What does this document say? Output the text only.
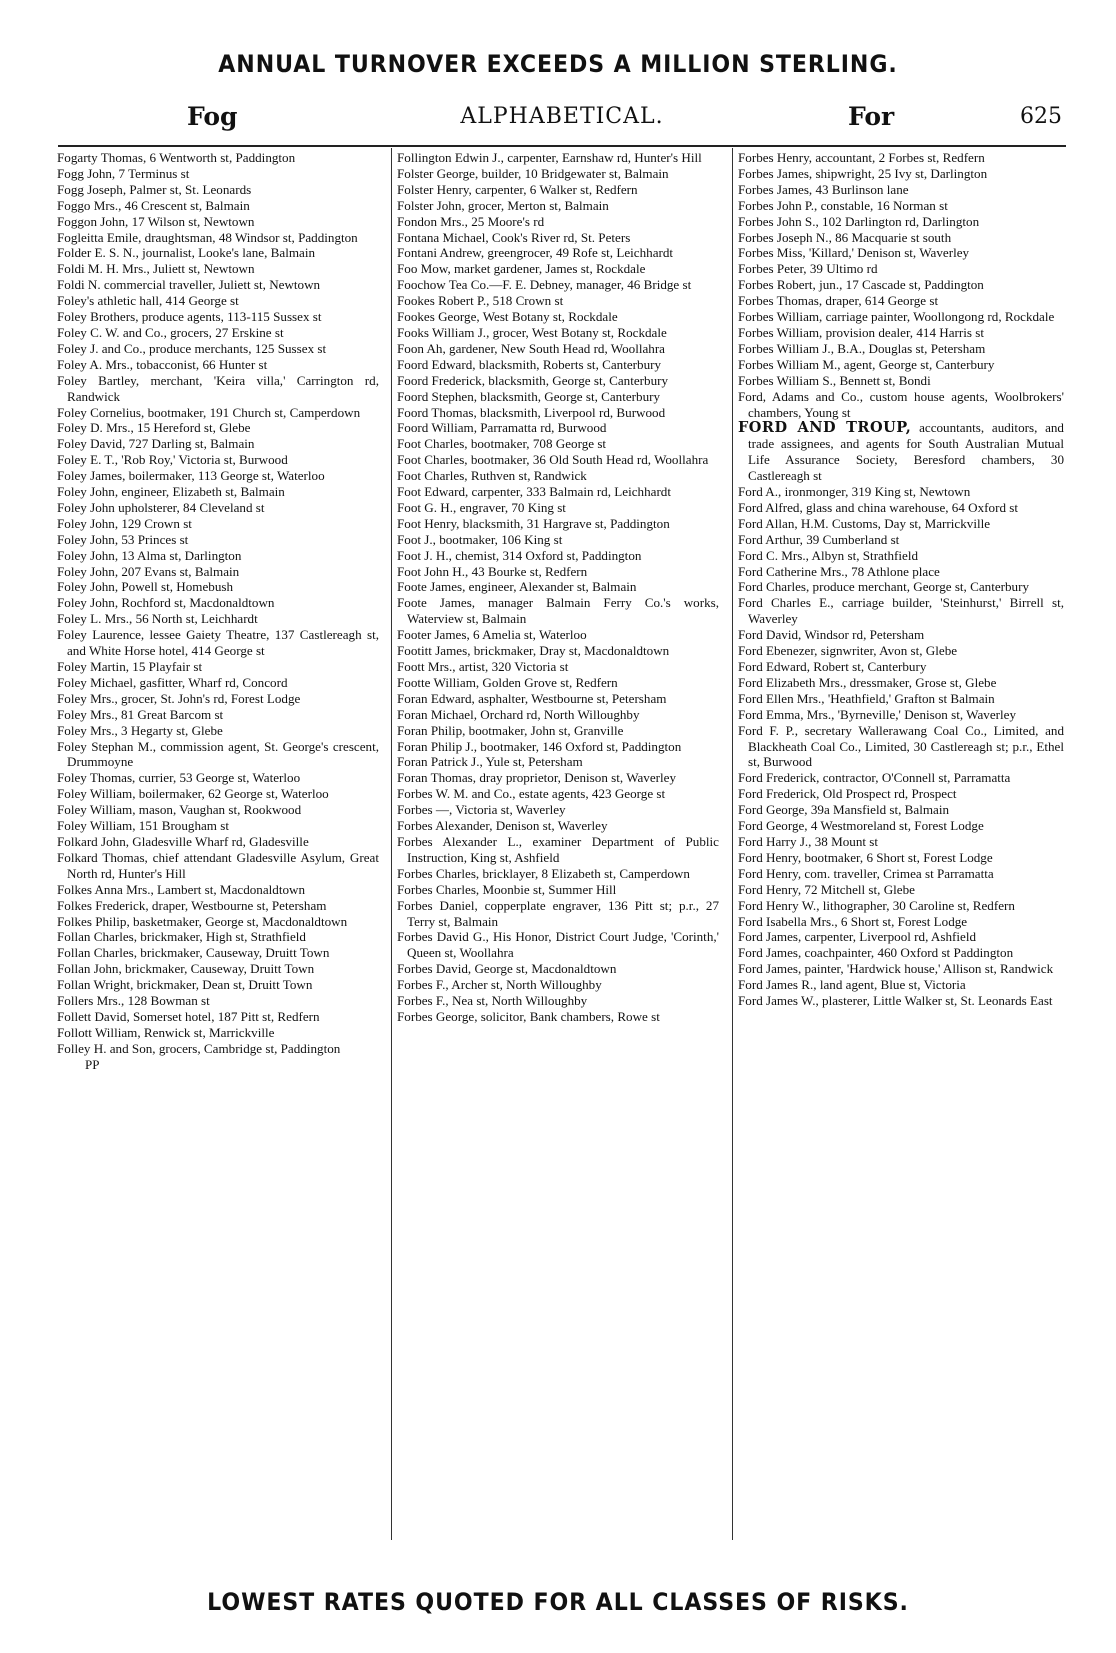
ANNUAL TURNOVER EXCEEDS A MILLION STERLING.
Fog	ALPHABETICAL.	For	625

Fogarty Thomas, 6 Wentworth st, Paddington

Fogg John, 7 Terminus st

Fogg Joseph, Palmer st, St. Leonards

Foggo Mrs., 46 Crescent st, Balmain

Foggon John, 17 Wilson st, Newtown

Fogleitta Emile, draughtsman, 48 Windsor st, Paddington

Folder E. S. N., journalist, Looke's lane, Balmain

Foldi M. H. Mrs., Juliett st, Newtown

Foldi N. commercial traveller, Juliett st, Newtown

Foley's athletic hall, 414 George st

Foley Brothers, produce agents, 113-115 Sussex st

Foley C. W. and Co., grocers, 27 Erskine st

Foley J. and Co., produce merchants, 125 Sussex st

Foley A. Mrs., tobacconist, 66 Hunter st

Foley Bartley, merchant, 'Keira villa,' Carrington rd, Randwick

Foley Cornelius, bootmaker, 191 Church st, Camperdown

Foley D. Mrs., 15 Hereford st, Glebe

Foley David, 727 Darling st, Balmain

Foley E. T., 'Rob Roy,' Victoria st, Burwood

Foley James, boilermaker, 113 George st, Waterloo

Foley John, engineer, Elizabeth st, Balmain

Foley John upholsterer, 84 Cleveland st

Foley John, 129 Crown st

Foley John, 53 Princes st

Foley John, 13 Alma st, Darlington

Foley John, 207 Evans st, Balmain

Foley John, Powell st, Homebush

Foley John, Rochford st, Macdonaldtown

Foley L. Mrs., 56 North st, Leichhardt

Foley Laurence, lessee Gaiety Theatre, 137 Castlereagh st, and White Horse hotel, 414 George st

Foley Martin, 15 Playfair st

Foley Michael, gasfitter, Wharf rd, Concord

Foley Mrs., grocer, St. John's rd, Forest Lodge

Foley Mrs., 81 Great Barcom st

Foley Mrs., 3 Hegarty st, Glebe

Foley Stephan M., commission agent, St. George's crescent, Drummoyne

Foley Thomas, currier, 53 George st, Waterloo

Foley William, boilermaker, 62 George st, Waterloo

Foley William, mason, Vaughan st, Rookwood

Foley William, 151 Brougham st

Folkard John, Gladesville Wharf rd, Gladesville

Folkard Thomas, chief attendant Gladesville Asylum, Great North rd, Hunter's Hill

Folkes Anna Mrs., Lambert st, Macdonaldtown

Folkes Frederick, draper, Westbourne st, Petersham

Folkes Philip, basketmaker, George st, Macdonaldtown

Follan Charles, brickmaker, High st, Strathfield

Follan Charles, brickmaker, Causeway, Druitt Town

Follan John, brickmaker, Causeway, Druitt Town

Follan Wright, brickmaker, Dean st, Druitt Town

Follers Mrs., 128 Bowman st

Follett David, Somerset hotel, 187 Pitt st, Redfern

Follott William, Renwick st, Marrickville

Folley H. and Son, grocers, Cambridge st, Paddington

PP

Follington Edwin J., carpenter, Earnshaw rd, Hunter's Hill

Folster George, builder, 10 Bridgewater st, Balmain

Folster Henry, carpenter, 6 Walker st, Redfern

Folster John, grocer, Merton st, Balmain

Fondon Mrs., 25 Moore's rd

Fontana Michael, Cook's River rd, St. Peters

Fontani Andrew, greengrocer, 49 Rofe st, Leichhardt

Foo Mow, market gardener, James st, Rockdale

Foochow Tea Co.—F. E. Debney, manager, 46 Bridge st

Fookes Robert P., 518 Crown st

Fookes George, West Botany st, Rockdale

Fooks William J., grocer, West Botany st, Rockdale

Foon Ah, gardener, New South Head rd, Woollahra

Foord Edward, blacksmith, Roberts st, Canterbury

Foord Frederick, blacksmith, George st, Canterbury

Foord Stephen, blacksmith, George st, Canterbury

Foord Thomas, blacksmith, Liverpool rd, Burwood

Foord William, Parramatta rd, Burwood

Foot Charles, bootmaker, 708 George st

Foot Charles, bootmaker, 36 Old South Head rd, Woollahra

Foot Charles, Ruthven st, Randwick

Foot Edward, carpenter, 333 Balmain rd, Leichhardt

Foot G. H., engraver, 70 King st

Foot Henry, blacksmith, 31 Hargrave st, Paddington

Foot J., bootmaker, 106 King st

Foot J. H., chemist, 314 Oxford st, Paddington

Foot John H., 43 Bourke st, Redfern

Foote James, engineer, Alexander st, Balmain

Foote James, manager Balmain Ferry Co.'s works, Waterview st, Balmain

Footer James, 6 Amelia st, Waterloo

Footitt James, brickmaker, Dray st, Macdonaldtown

Foott Mrs., artist, 320 Victoria st

Footte William, Golden Grove st, Redfern

Foran Edward, asphalter, Westbourne st, Petersham

Foran Michael, Orchard rd, North Willoughby

Foran Philip, bootmaker, John st, Granville

Foran Philip J., bootmaker, 146 Oxford st, Paddington

Foran Patrick J., Yule st, Petersham

Foran Thomas, dray proprietor, Denison st, Waverley

Forbes W. M. and Co., estate agents, 423 George st

Forbes —, Victoria st, Waverley

Forbes Alexander, Denison st, Waverley

Forbes Alexander L., examiner Department of Public Instruction, King st, Ashfield

Forbes Charles, bricklayer, 8 Elizabeth st, Camperdown

Forbes Charles, Moonbie st, Summer Hill

Forbes Daniel, copperplate engraver, 136 Pitt st; p.r., 27 Terry st, Balmain

Forbes David G., His Honor, District Court Judge, 'Corinth,' Queen st, Woollahra

Forbes David, George st, Macdonaldtown

Forbes F., Archer st, North Willoughby

Forbes F., Nea st, North Willoughby

Forbes George, solicitor, Bank chambers, Rowe st

Forbes Henry, accountant, 2 Forbes st, Redfern

Forbes James, shipwright, 25 Ivy st, Darlington

Forbes James, 43 Burlinson lane

Forbes John P., constable, 16 Norman st

Forbes John S., 102 Darlington rd, Darlington

Forbes Joseph N., 86 Macquarie st south

Forbes Miss, 'Killard,' Denison st, Waverley

Forbes Peter, 39 Ultimo rd

Forbes Robert, jun., 17 Cascade st, Paddington

Forbes Thomas, draper, 614 George st

Forbes William, carriage painter, Woollongong rd, Rockdale

Forbes William, provision dealer, 414 Harris st

Forbes William J., B.A., Douglas st, Petersham

Forbes William M., agent, George st, Canterbury

Forbes William S., Bennett st, Bondi

Ford, Adams and Co., custom house agents, Woolbrokers' chambers, Young st

FORD AND TROUP, accountants, auditors, and trade assignees, and agents for South Australian Mutual Life Assurance Society, Beresford chambers, 30 Castlereagh st

Ford A., ironmonger, 319 King st, Newtown

Ford Alfred, glass and china warehouse, 64 Oxford st

Ford Allan, H.M. Customs, Day st, Marrickville

Ford Arthur, 39 Cumberland st

Ford C. Mrs., Albyn st, Strathfield

Ford Catherine Mrs., 78 Athlone place

Ford Charles, produce merchant, George st, Canterbury

Ford Charles E., carriage builder, 'Steinhurst,' Birrell st, Waverley

Ford David, Windsor rd, Petersham

Ford Ebenezer, signwriter, Avon st, Glebe

Ford Edward, Robert st, Canterbury

Ford Elizabeth Mrs., dressmaker, Grose st, Glebe

Ford Ellen Mrs., 'Heathfield,' Grafton st Balmain

Ford Emma, Mrs., 'Byrneville,' Denison st, Waverley

Ford F. P., secretary Wallerawang Coal Co., Limited, and Blackheath Coal Co., Limited, 30 Castlereagh st; p.r., Ethel st, Burwood

Ford Frederick, contractor, O'Connell st, Parramatta

Ford Frederick, Old Prospect rd, Prospect

Ford George, 39a Mansfield st, Balmain

Ford George, 4 Westmoreland st, Forest Lodge

Ford Harry J., 38 Mount st

Ford Henry, bootmaker, 6 Short st, Forest Lodge

Ford Henry, com. traveller, Crimea st Parramatta

Ford Henry, 72 Mitchell st, Glebe

Ford Henry W., lithographer, 30 Caroline st, Redfern

Ford Isabella Mrs., 6 Short st, Forest Lodge

Ford James, carpenter, Liverpool rd, Ashfield

Ford James, coachpainter, 460 Oxford st Paddington

Ford James, painter, 'Hardwick house,' Allison st, Randwick

Ford James R., land agent, Blue st, Victoria

Ford James W., plasterer, Little Walker st, St. Leonards East

LOWEST RATES QUOTED FOR ALL CLASSES OF RISKS.
